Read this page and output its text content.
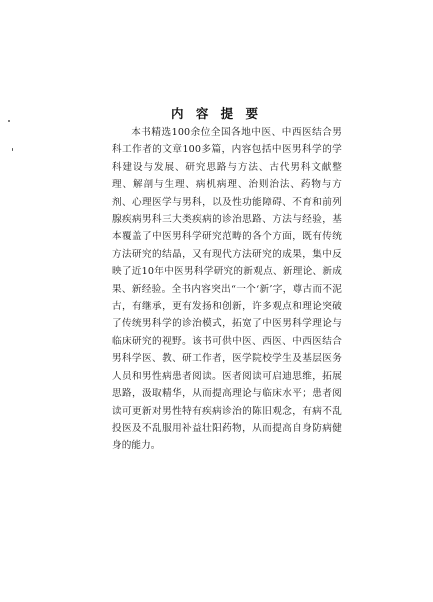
内 容 提 要

本书精选100余位全国各地中医、中西医结合男科工作者的文章100多篇，内容包括中医男科学的学科建设与发展、研究思路与方法、古代男科文献整理、解剖与生理、病机病理、治则治法、药物与方剂、心理医学与男科，以及性功能障碍、不育和前列腺疾病男科三大类疾病的诊治思路、方法与经验，基本覆盖了中医男科学研究范畴的各个方面，既有传统方法研究的结晶，又有现代方法研究的成果，集中反映了近10年中医男科学研究的新观点、新理论、新成果、新经验。全书内容突出“一个‘新’字，尊古而不泥古，有继承，更有发扬和创新，许多观点和理论突破了传统男科学的诊治模式，拓宽了中医男科学理论与临床研究的视野。该书可供中医、西医、中西医结合男科学医、教、研工作者，医学院校学生及基层医务人员和男性病患者阅读。医者阅读可启迪思维，拓展思路，汲取精华，从而提高理论与临床水平；患者阅读可更新对男性特有疾病诊治的陈旧观念，有病不乱投医及不乱服用补益壮阳药物，从而提高自身防病健身的能力。
